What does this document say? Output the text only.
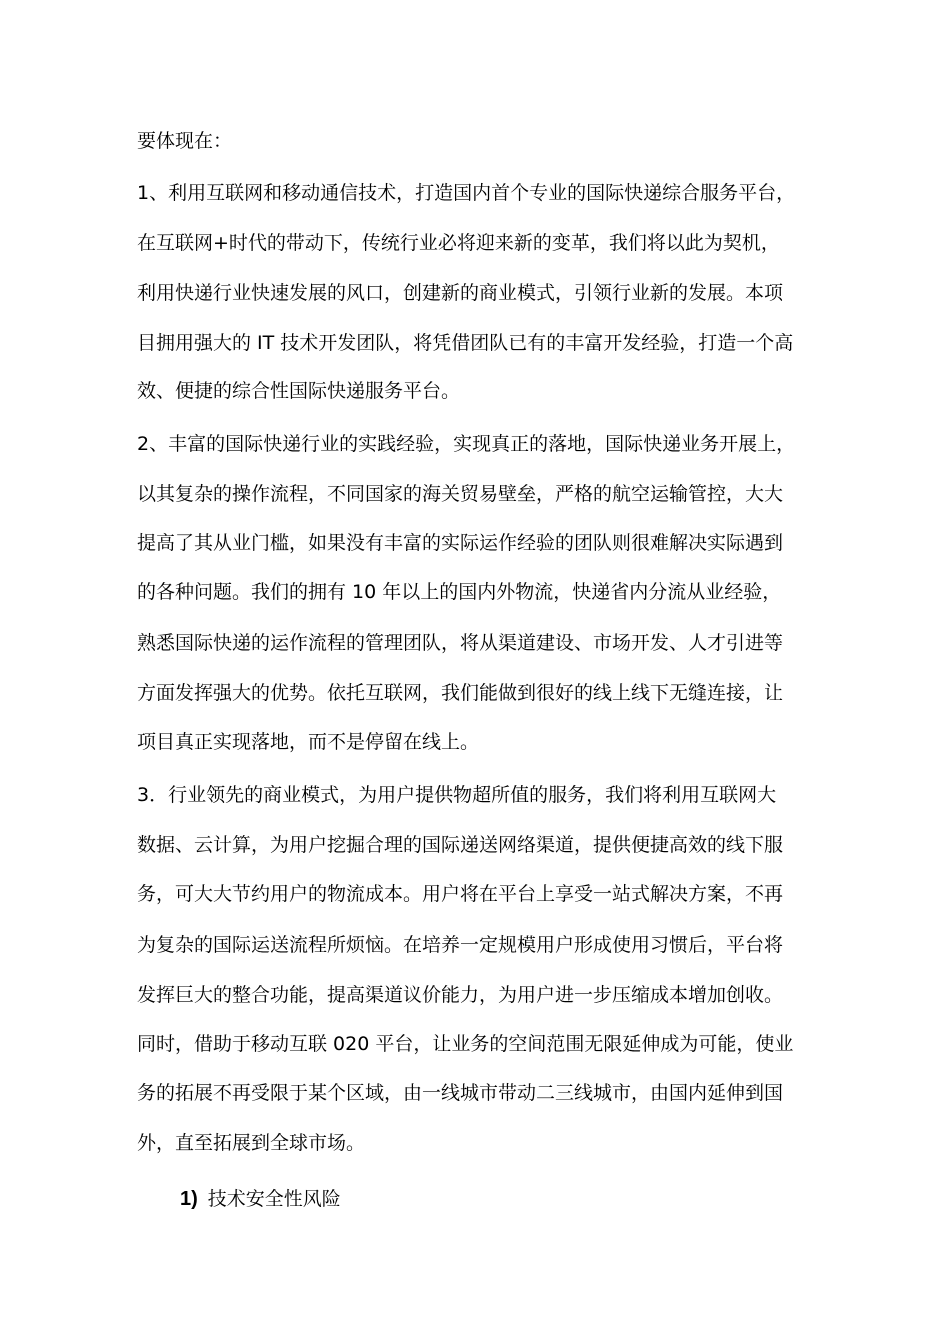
要体现在：
1、利用互联网和移动通信技术，打造国内首个专业的国际快递综合服务平台，
在互联网+时代的带动下，传统行业必将迎来新的变革，我们将以此为契机，
利用快递行业快速发展的风口，创建新的商业模式，引领行业新的发展。本项
目拥用强大的 IT 技术开发团队，将凭借团队已有的丰富开发经验，打造一个高
效、便捷的综合性国际快递服务平台。
2、丰富的国际快递行业的实践经验，实现真正的落地，国际快递业务开展上，
以其复杂的操作流程，不同国家的海关贸易壁垒，严格的航空运输管控，大大
提高了其从业门槛，如果没有丰富的实际运作经验的团队则很难解决实际遇到
的各种问题。我们的拥有 10 年以上的国内外物流，快递省内分流从业经验，
熟悉国际快递的运作流程的管理团队，将从渠道建设、市场开发、人才引进等
方面发挥强大的优势。依托互联网，我们能做到很好的线上线下无缝连接，让
项目真正实现落地，而不是停留在线上。
3．行业领先的商业模式，为用户提供物超所值的服务，我们将利用互联网大
数据、云计算，为用户挖掘合理的国际递送网络渠道，提供便捷高效的线下服
务，可大大节约用户的物流成本。用户将在平台上享受一站式解决方案，不再
为复杂的国际运送流程所烦恼。在培养一定规模用户形成使用习惯后，平台将
发挥巨大的整合功能，提高渠道议价能力，为用户进一步压缩成本增加创收。
同时，借助于移动互联 020 平台，让业务的空间范围无限延伸成为可能，使业
务的拓展不再受限于某个区域，由一线城市带动二三线城市，由国内延伸到国
外，直至拓展到全球市场。
1) 技术安全性风险
